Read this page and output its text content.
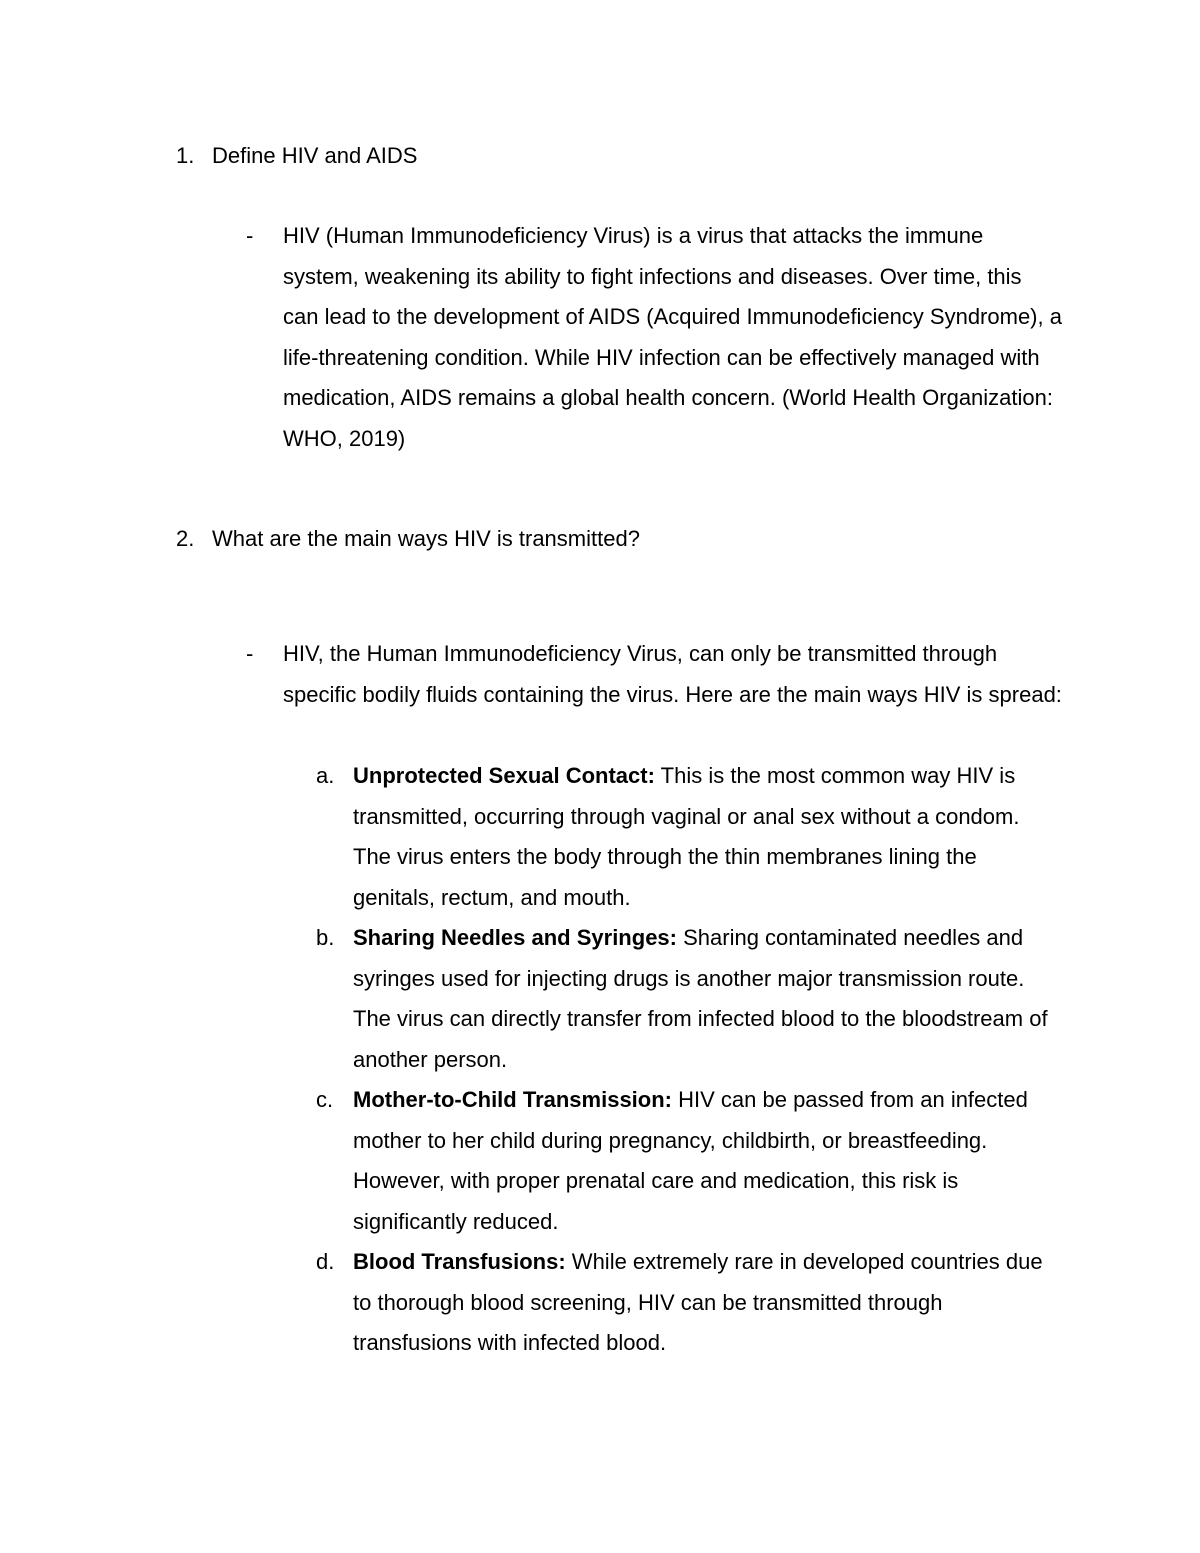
1. Define HIV and AIDS
- HIV (Human Immunodeficiency Virus) is a virus that attacks the immune system, weakening its ability to fight infections and diseases. Over time, this can lead to the development of AIDS (Acquired Immunodeficiency Syndrome), a life-threatening condition. While HIV infection can be effectively managed with medication, AIDS remains a global health concern. (World Health Organization: WHO, 2019)
2. What are the main ways HIV is transmitted?
- HIV, the Human Immunodeficiency Virus, can only be transmitted through specific bodily fluids containing the virus. Here are the main ways HIV is spread:
a. Unprotected Sexual Contact: This is the most common way HIV is transmitted, occurring through vaginal or anal sex without a condom. The virus enters the body through the thin membranes lining the genitals, rectum, and mouth.
b. Sharing Needles and Syringes: Sharing contaminated needles and syringes used for injecting drugs is another major transmission route. The virus can directly transfer from infected blood to the bloodstream of another person.
c. Mother-to-Child Transmission: HIV can be passed from an infected mother to her child during pregnancy, childbirth, or breastfeeding. However, with proper prenatal care and medication, this risk is significantly reduced.
d. Blood Transfusions: While extremely rare in developed countries due to thorough blood screening, HIV can be transmitted through transfusions with infected blood.
